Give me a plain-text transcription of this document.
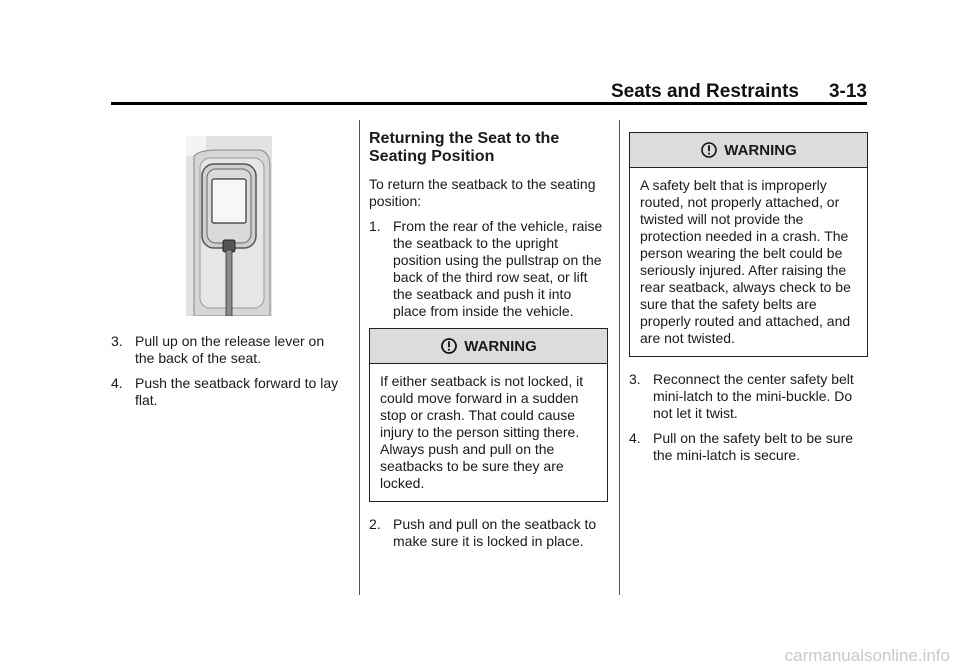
Seats and Restraints 3-13
3. Pull up on the release lever on the back of the seat.
4. Push the seatback forward to lay flat.
Returning the Seat to the Seating Position

To return the seatback to the seating position:

1. From the rear of the vehicle, raise the seatback to the upright position using the pullstrap on the back of the third row seat, or lift the seatback and push it into place from inside the vehicle.
WARNING
If either seatback is not locked, it could move forward in a sudden stop or crash. That could cause injury to the person sitting there. Always push and pull on the seatbacks to be sure they are locked.
2. Push and pull on the seatback to make sure it is locked in place.
WARNING
A safety belt that is improperly routed, not properly attached, or twisted will not provide the protection needed in a crash. The person wearing the belt could be seriously injured. After raising the rear seatback, always check to be sure that the safety belts are properly routed and attached, and are not twisted.
3. Reconnect the center safety belt mini-latch to the mini-buckle. Do not let it twist.
4. Pull on the safety belt to be sure the mini-latch is secure.
carmanualsonline.info
